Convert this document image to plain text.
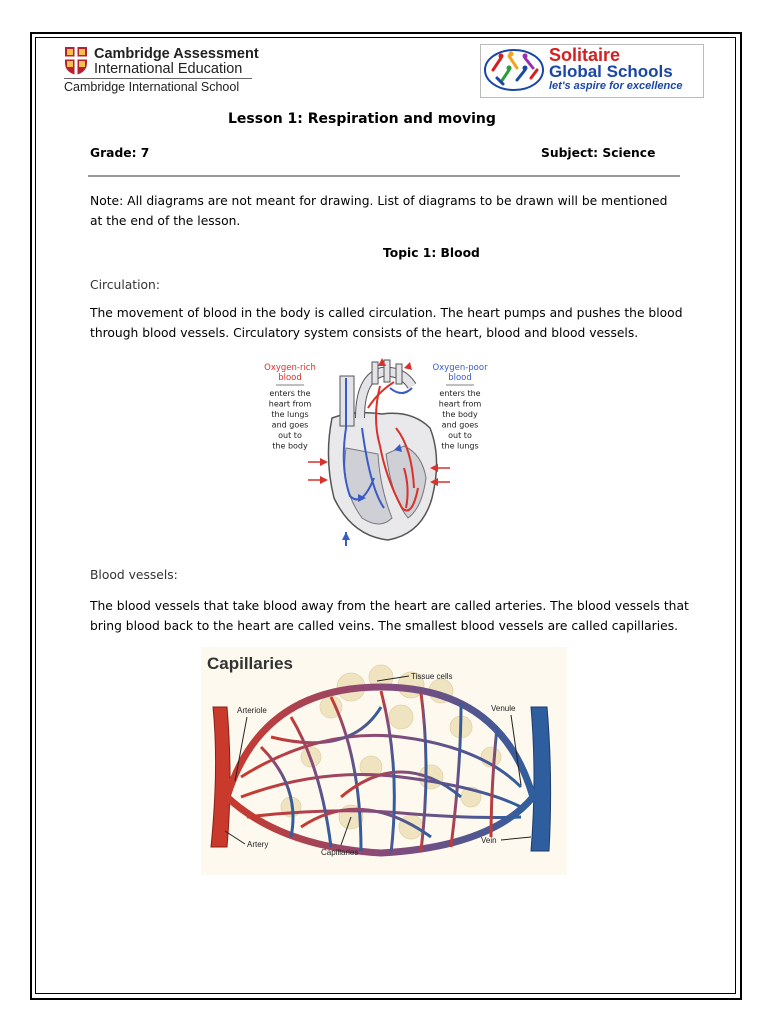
Cambridge Assessment
International Education
Cambridge International School
Solitaire
Global Schools
let's aspire for excellence
Lesson 1: Respiration and moving
Grade: 7	Subject: Science
Note: All diagrams are not meant for drawing. List of diagrams to be drawn will be mentioned
at the end of the lesson.
Topic 1: Blood
Circulation:
The movement of blood in the body is called circulation. The heart pumps and pushes the blood
through blood vessels. Circulatory system consists of the heart, blood and blood vessels.
Oxygen-rich
blood
enters the
heart from
the lungs
and goes
out to
the body
Oxygen-poor
blood
enters the
heart from
the body
and goes
out to
the lungs
Blood vessels:
The blood vessels that take blood away from the heart are called arteries. The blood vessels that
bring blood back to the heart are called veins. The smallest blood vessels are called capillaries.
Capillaries
Tissue cells
Arteriole	Venule
Artery
Capillaries
Vein
